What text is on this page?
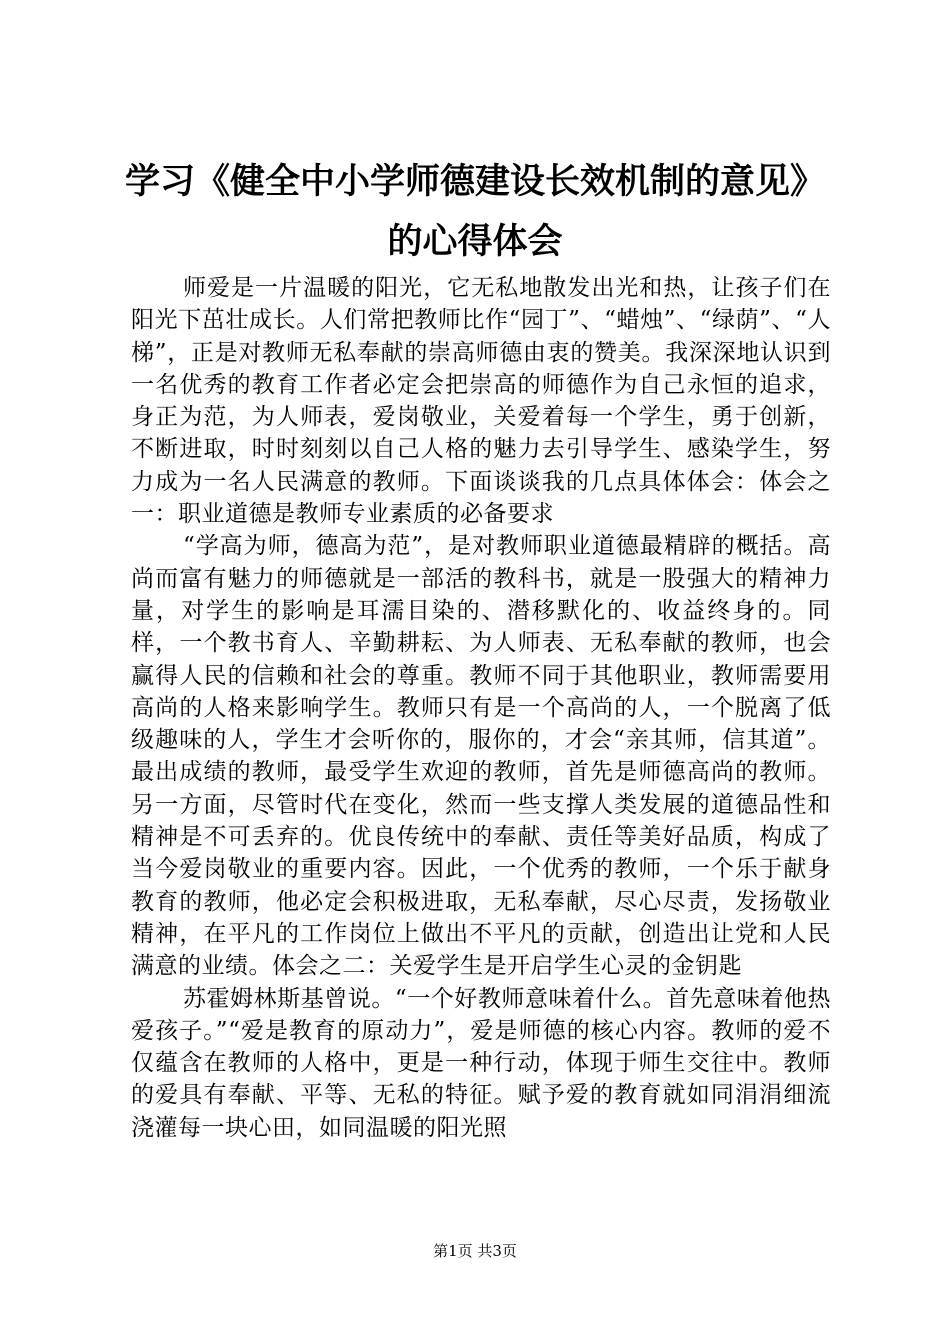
学习《健全中小学师德建设长效机制的意见》
的心得体会

师爱是一片温暖的阳光，它无私地散发出光和热，让孩子们在阳光下茁壮成长。人们常把教师比作“园丁”、“蜡烛”、“绿荫”、“人梯”，正是对教师无私奉献的崇高师德由衷的赞美。我深深地认识到一名优秀的教育工作者必定会把崇高的师德作为自己永恒的追求，身正为范，为人师表，爱岗敬业，关爱着每一个学生，勇于创新，不断进取，时时刻刻以自己人格的魅力去引导学生、感染学生，努力成为一名人民满意的教师。下面谈谈我的几点具体体会：体会之一：职业道德是教师专业素质的必备要求

“学高为师，德高为范”，是对教师职业道德最精辟的概括。高尚而富有魅力的师德就是一部活的教科书，就是一股强大的精神力量，对学生的影响是耳濡目染的、潜移默化的、收益终身的。同样，一个教书育人、辛勤耕耘、为人师表、无私奉献的教师，也会赢得人民的信赖和社会的尊重。教师不同于其他职业，教师需要用高尚的人格来影响学生。教师只有是一个高尚的人，一个脱离了低级趣味的人，学生才会听你的，服你的，才会“亲其师，信其道”。最出成绩的教师，最受学生欢迎的教师，首先是师德高尚的教师。另一方面，尽管时代在变化，然而一些支撑人类发展的道德品性和精神是不可丢弃的。优良传统中的奉献、责任等美好品质，构成了当今爱岗敬业的重要内容。因此，一个优秀的教师，一个乐于献身教育的教师，他必定会积极进取，无私奉献，尽心尽责，发扬敬业精神，在平凡的工作岗位上做出不平凡的贡献，创造出让党和人民满意的业绩。体会之二：关爱学生是开启学生心灵的金钥匙

苏霍姆林斯基曾说。“一个好教师意味着什么。首先意味着他热爱孩子。”“爱是教育的原动力”，爱是师德的核心内容。教师的爱不仅蕴含在教师的人格中，更是一种行动，体现于师生交往中。教师的爱具有奉献、平等、无私的特征。赋予爱的教育就如同涓涓细流浇灌每一块心田，如同温暖的阳光照

第1页 共3页
